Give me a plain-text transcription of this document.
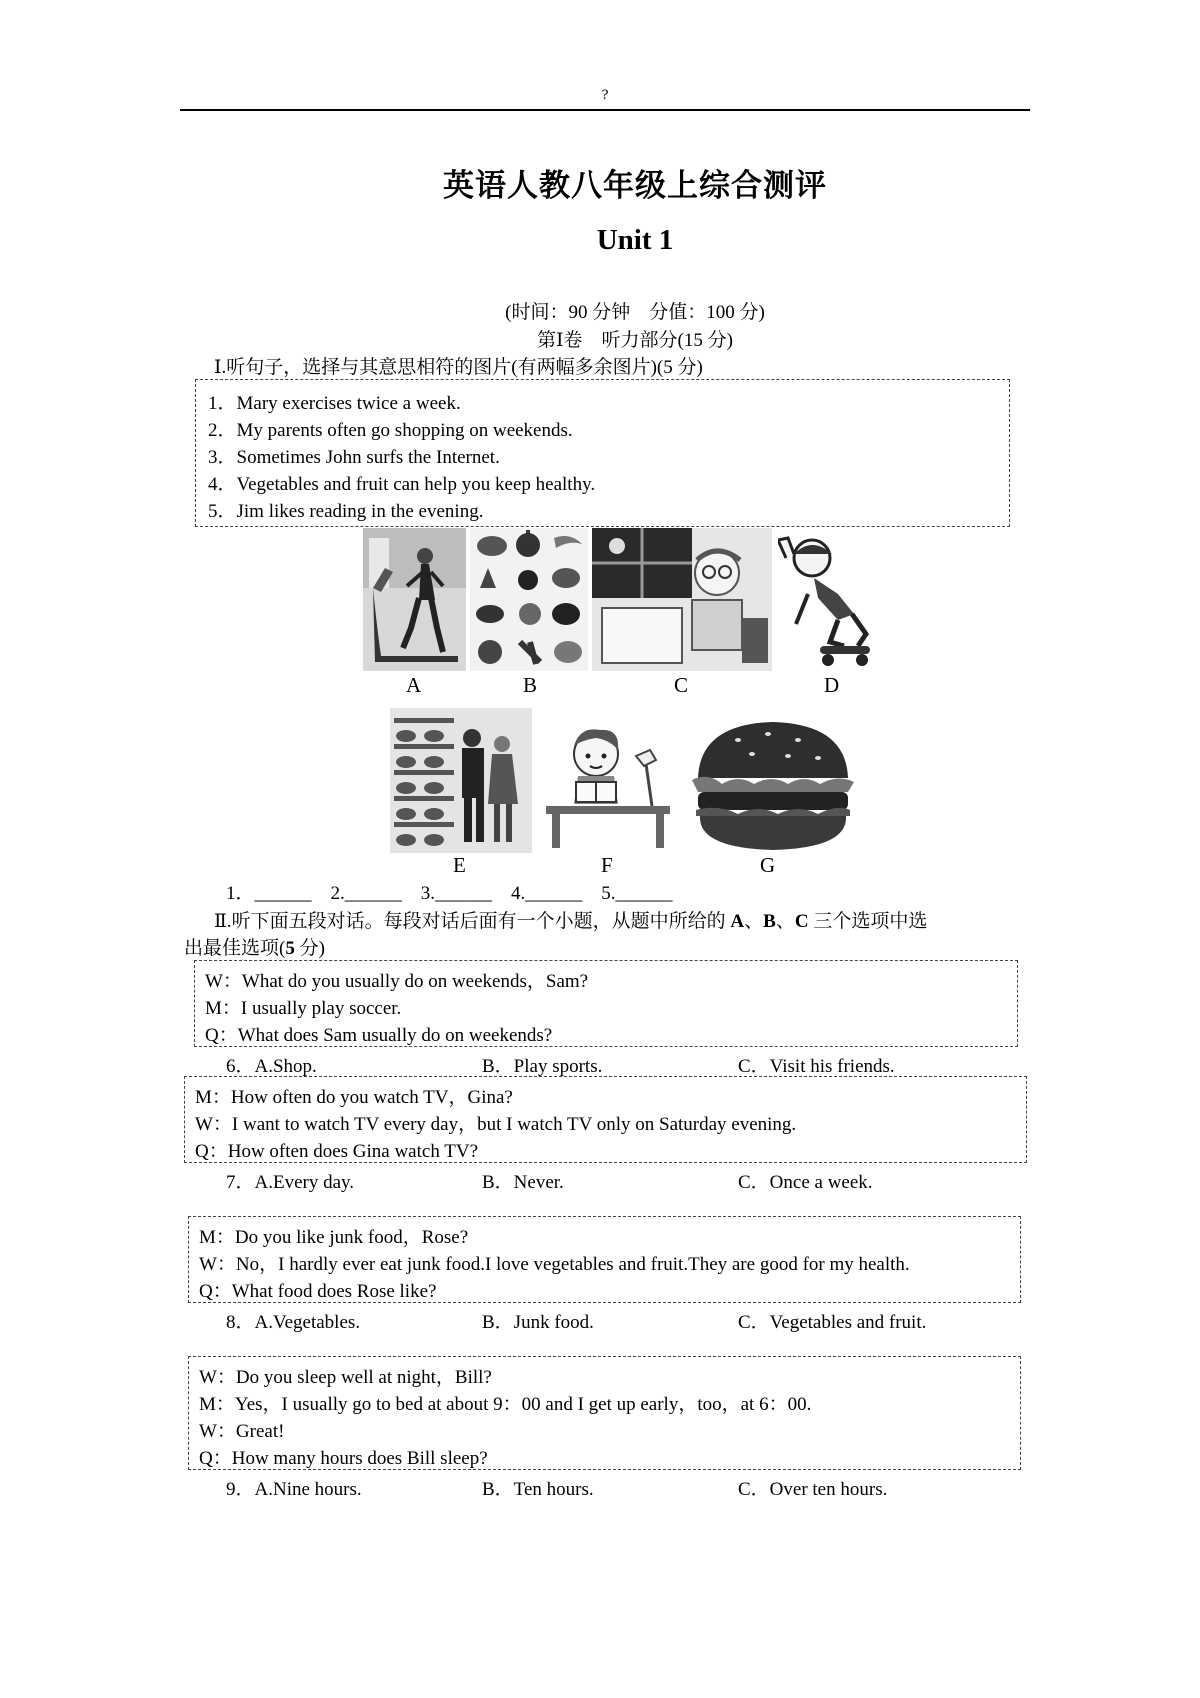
?
英语人教八年级上综合测评
Unit 1
(时间：90 分钟　分值：100 分)
第Ⅰ卷　听力部分(15 分)
Ⅰ.听句子，选择与其意思相符的图片(有两幅多余图片)(5 分)
1．Mary exercises twice a week.
2．My parents often go shopping on weekends.
3．Sometimes John surfs the Internet.
4．Vegetables and fruit can help you keep healthy.
5．Jim likes reading in the evening.
A	B	C	D
E	F	G
1．______　2.______　3.______　4.______　5.______
Ⅱ.听下面五段对话。每段对话后面有一个小题，从题中所给的 A、B、C 三个选项中选
出最佳选项(5 分)
W：What do you usually do on weekends，Sam?
M：I usually play soccer.
Q：What does Sam usually do on weekends?
6．A.Shop.	B．Play sports.	C．Visit his friends.
M：How often do you watch TV，Gina?
W：I want to watch TV every day，but I watch TV only on Saturday evening.
Q：How often does Gina watch TV?
7．A.Every day.	B．Never.	C．Once a week.
M：Do you like junk food，Rose?
W：No，I hardly ever eat junk food.I love vegetables and fruit.They are good for my health.
Q：What food does Rose like?
8．A.Vegetables.	B．Junk food.	C．Vegetables and fruit.
W：Do you sleep well at night，Bill?
M：Yes，I usually go to bed at about 9：00 and I get up early，too，at 6：00.
W：Great!
Q：How many hours does Bill sleep?
9．A.Nine hours.	B．Ten hours.	C．Over ten hours.
